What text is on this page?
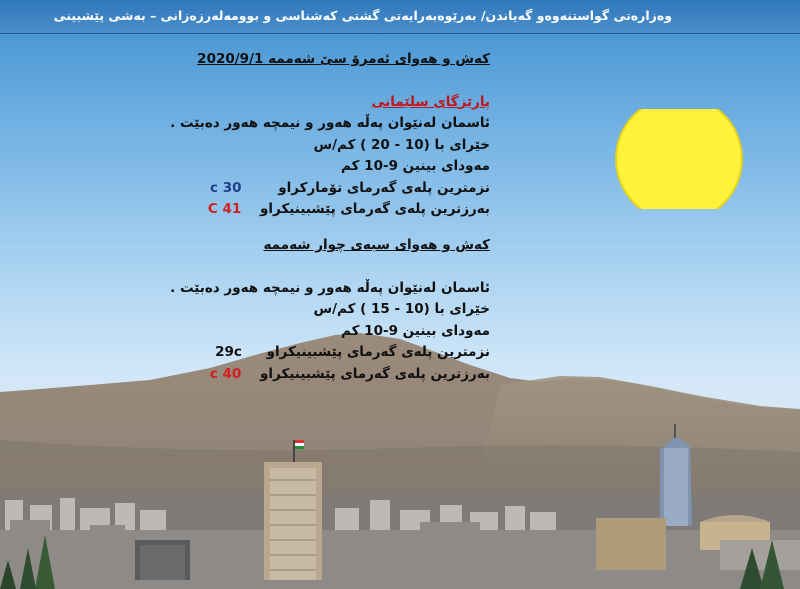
وەزارەتی گواستنەوەو گەیاندن/ بەرێوەبەرایەتی گشتی کەشناسی و بوومەلەرزەزانی – بەشی پێشبینی
کەش و هەوای ئەمرۆ سێ شەممە 2020/9/1
پارێزگای سلێمانی
ئاسمان لەنێوان پەڵە هەور و نیمچە هەور دەبێت .
خێرای با (10 - 20 ) کم/س
مەودای بینین 9-10 کم
نزمترین پلەی گەرمای تۆمارکراو 30 c
بەرزترین پلەی گەرمای پێشبینیکراو 41 C
کەش و هەوای سبەی چوار شەممە
ئاسمان لەنێوان پەڵە هەور و نیمچە هەور دەبێت .
خێرای با (10 - 15 ) کم/س
مەودای بینین 9-10 کم
نزمترین پلەی گەرمای پێشبینیکراو 29c
بەرزترین پلەی گەرمای پێشبینیکراو 40 c
